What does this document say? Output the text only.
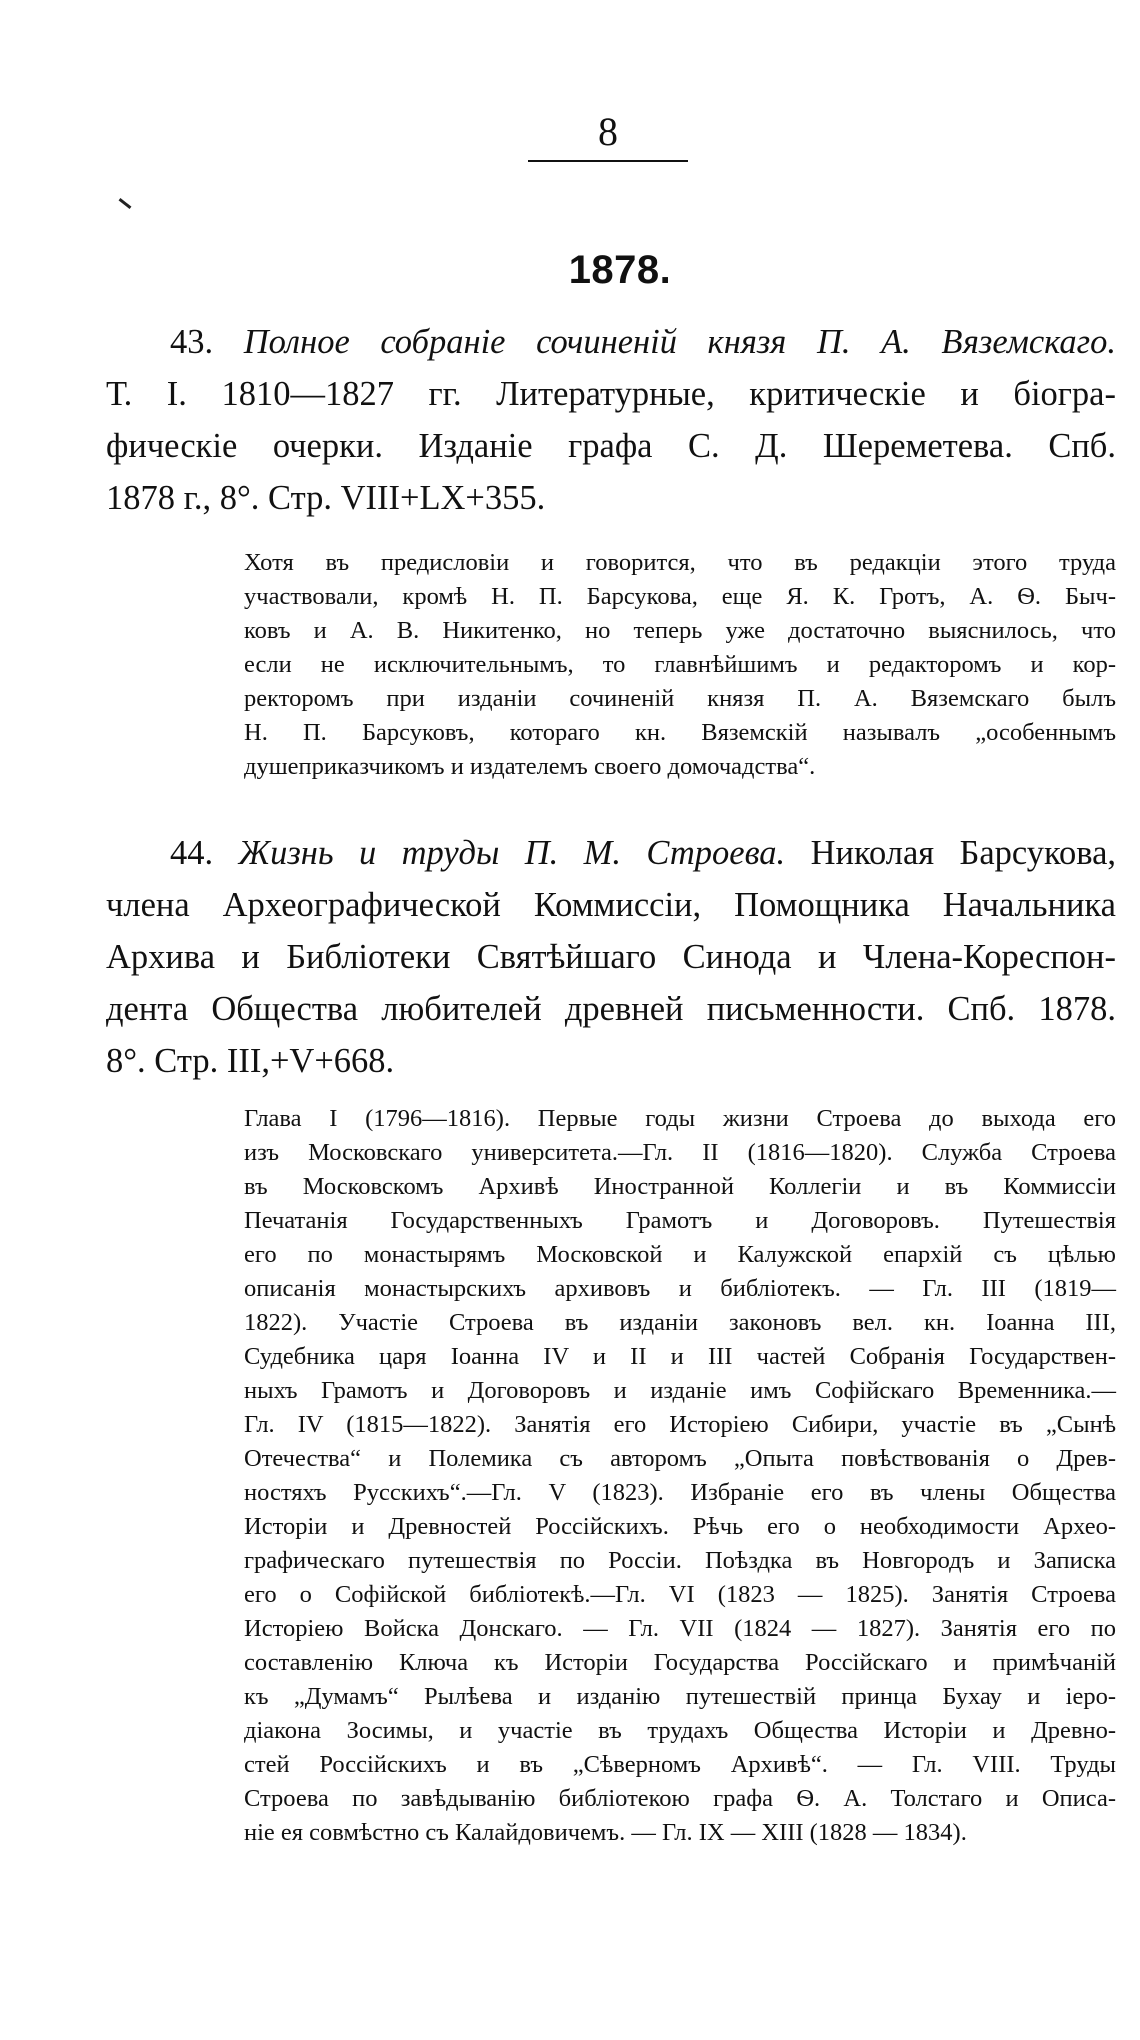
8
1878.
43. Полное собраніе сочиненій князя П. А. Вяземскаго.
Т. I. 1810—1827 гг. Литературные, критическіе и біогра-
фическіе очерки. Изданіе графа С. Д. Шереметева. Спб.
1878 г., 8°. Стр. VIII+LX+355.
Хотя въ предисловіи и говорится, что въ редакціи этого труда
участвовали, кромѣ Н. П. Барсукова, еще Я. К. Гротъ, А. Ѳ. Быч-
ковъ и А. В. Никитенко, но теперь уже достаточно выяснилось, что
если не исключительнымъ, то главнѣйшимъ и редакторомъ и кор-
ректоромъ при изданіи сочиненій князя П. А. Вяземскаго былъ
Н. П. Барсуковъ, котораго кн. Вяземскій называлъ „особеннымъ
душеприказчикомъ и издателемъ своего домочадства“.
44. Жизнь и труды П. М. Строева. Николая Барсукова,
члена Археографической Коммиссіи, Помощника Начальника
Архива и Библіотеки Святѣйшаго Синода и Члена-Кореспон-
дента Общества любителей древней письменности. Спб. 1878.
8°. Стр. III,+V+668.
Глава I (1796—1816). Первые годы жизни Строева до выхода его
изъ Московскаго университета.—Гл. II (1816—1820). Служба Строева
въ Московскомъ Архивѣ Иностранной Коллегіи и въ Коммиссіи
Печатанія Государственныхъ Грамотъ и Договоровъ. Путешествія
его по монастырямъ Московской и Калужской епархій съ цѣлью
описанія монастырскихъ архивовъ и библіотекъ. — Гл. III (1819—
1822). Участіе Строева въ изданіи законовъ вел. кн. Іоанна III,
Судебника царя Іоанна IV и II и III частей Собранія Государствен-
ныхъ Грамотъ и Договоровъ и изданіе имъ Софійскаго Временника.—
Гл. IV (1815—1822). Занятія его Исторіею Сибири, участіе въ „Сынѣ
Отечества“ и Полемика съ авторомъ „Опыта повѣствованія о Древ-
ностяхъ Русскихъ“.—Гл. V (1823). Избраніе его въ члены Общества
Исторіи и Древностей Россійскихъ. Рѣчь его о необходимости Архео-
графическаго путешествія по Россіи. Поѣздка въ Новгородъ и Записка
его о Софійской библіотекѣ.—Гл. VI (1823 — 1825). Занятія Строева
Исторіею Войска Донскаго. — Гл. VII (1824 — 1827). Занятія его по
составленію Ключа къ Исторіи Государства Россійскаго и примѣчаній
къ „Думамъ“ Рылѣева и изданію путешествій принца Бухау и іеро-
діакона Зосимы, и участіе въ трудахъ Общества Исторіи и Древно-
стей Россійскихъ и въ „Сѣверномъ Архивѣ“. — Гл. VIII. Труды
Строева по завѣдыванію библіотекою графа Ѳ. А. Толстаго и Описа-
ніе ея совмѣстно съ Калайдовичемъ. — Гл. IX — XIII (1828 — 1834).
